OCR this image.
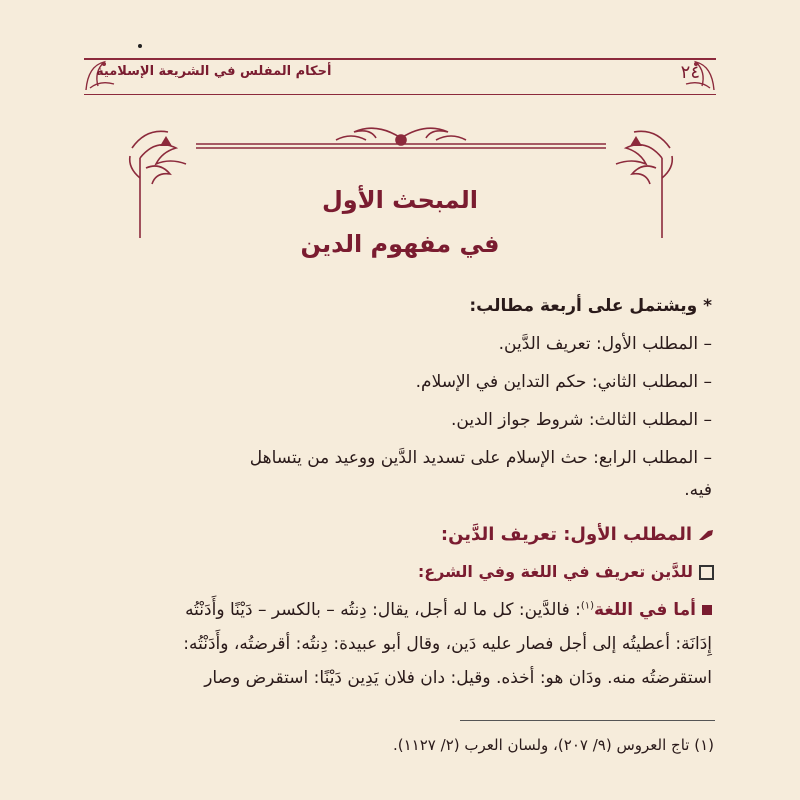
أحكام المفلس في الشريعة الإسلامية	٢٤
المبحث الأول
في مفهوم الدين
* ويشتمل على أربعة مطالب:
– المطلب الأول: تعريف الدَّين.
– المطلب الثاني: حكم التداين في الإسلام.
– المطلب الثالث: شروط جواز الدين.
– المطلب الرابع: حث الإسلام على تسديد الدَّين ووعيد من يتساهل
فيه.
المطلب الأول: تعريف الدَّين:
للدَّين تعريف في اللغة وفي الشرع:
أما في اللغة$^{(١)}$: فالدَّين: كل ما له أجل، يقال: دِنتُه – بالكسر – دَيْنًا وأَدَنْتُه
إِدَانَة: أعطيتُه إلى أجل فصار عليه دَين، وقال أبو عبيدة: دِنتُه: أقرضتُه، وأَدَنْتُه:
استقرضتُه منه. ودَان هو: أخذه. وقيل: دان فلان يَدِين دَيْنًا: استقرض وصار
(١) تاج العروس (٩/ ٢٠٧)، ولسان العرب (٢/ ١١٢٧).
